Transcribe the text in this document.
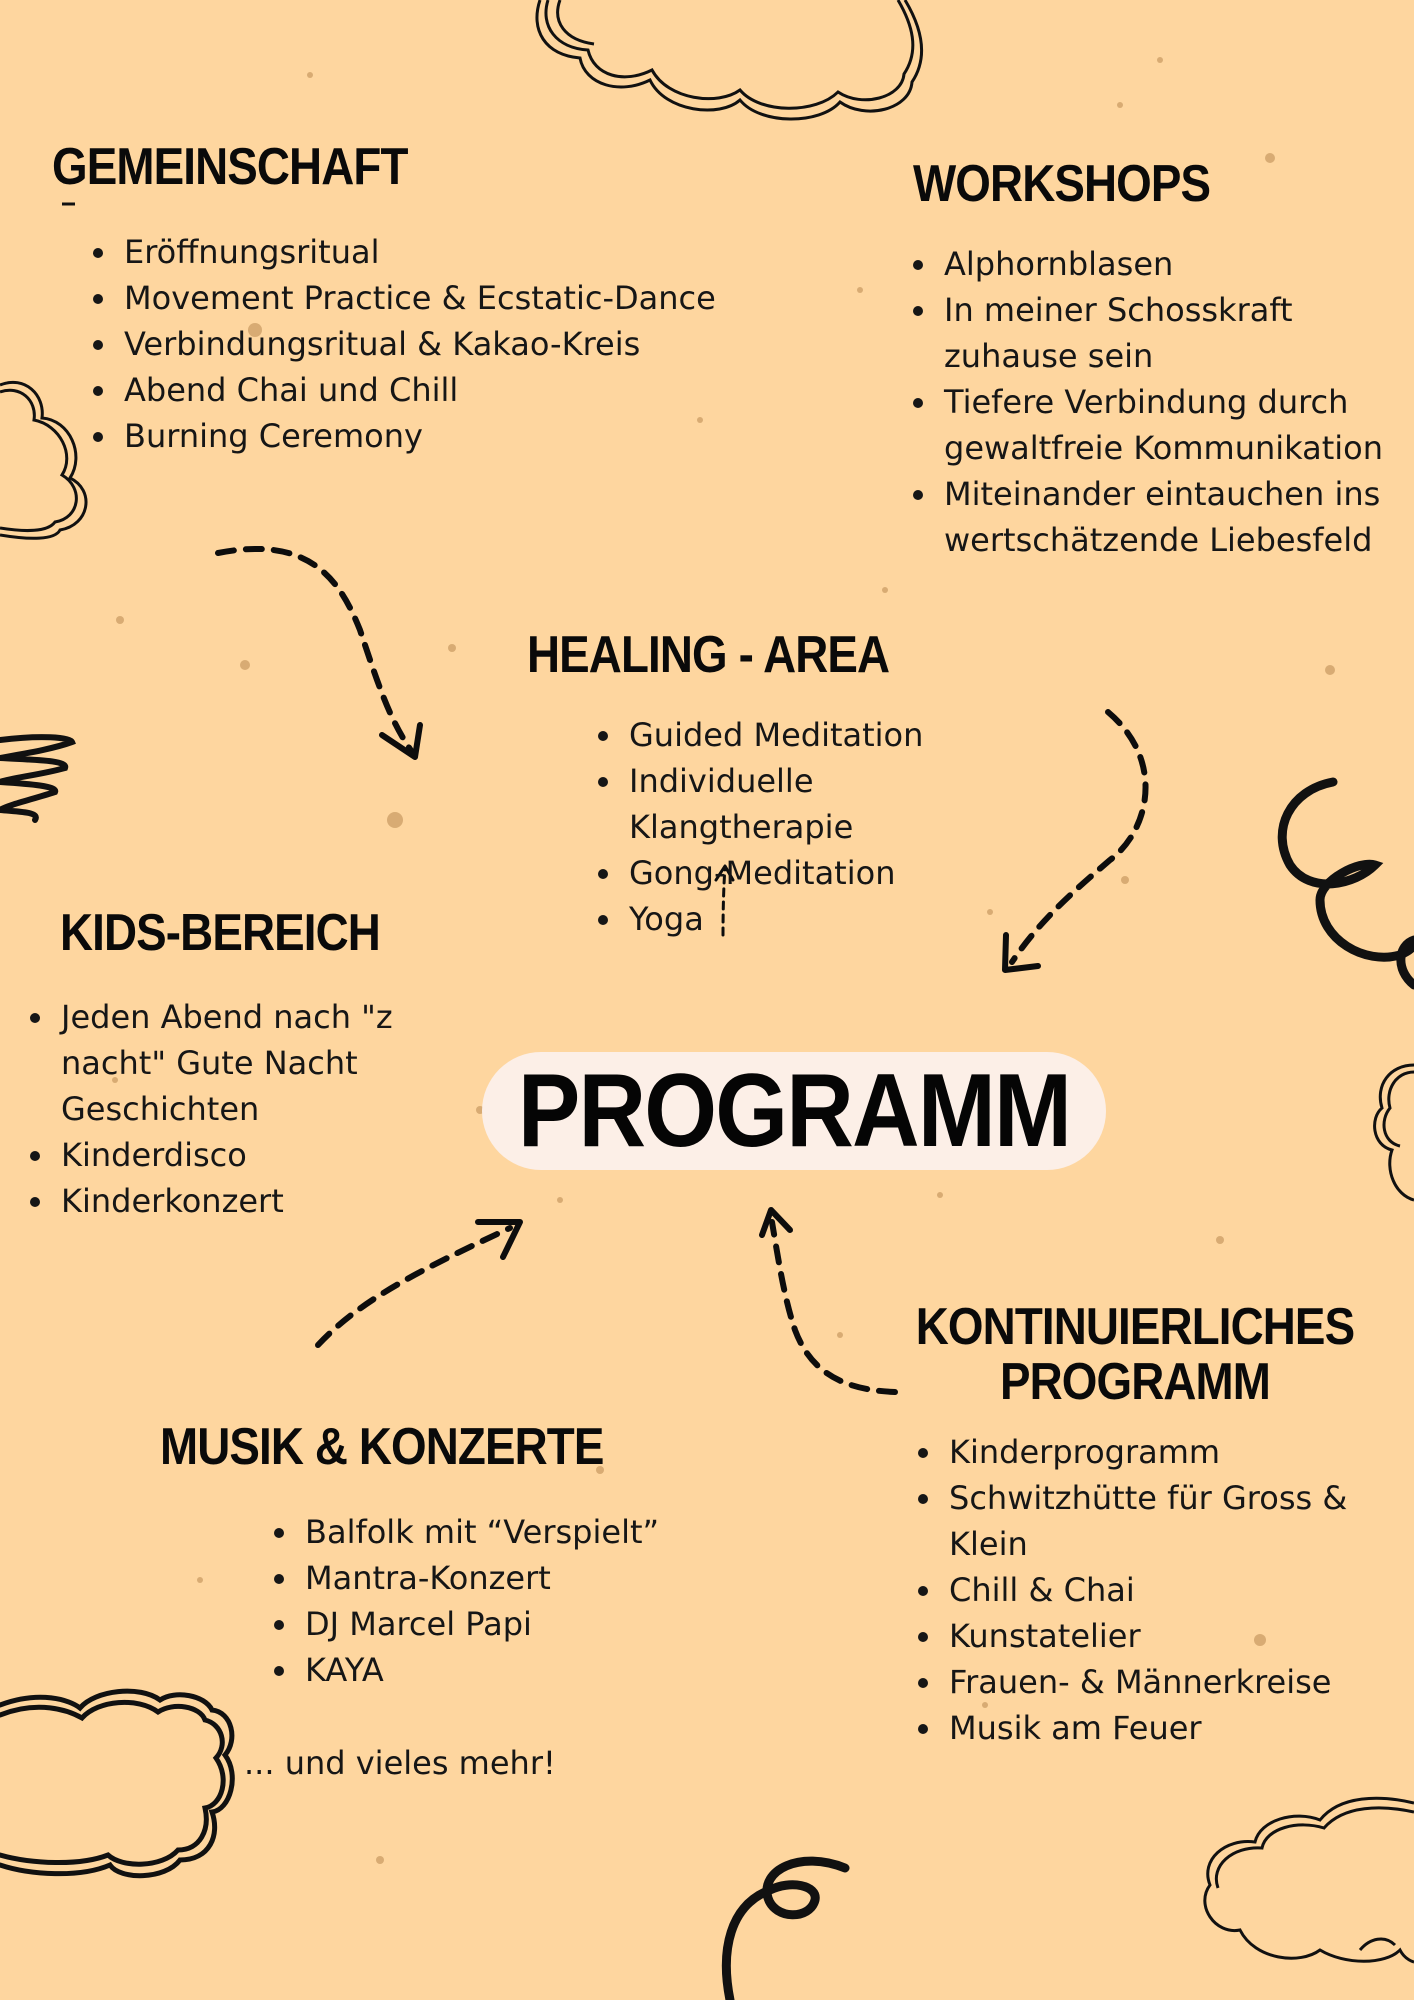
GEMEINSCHAFT
• Eröffnungsritual
• Movement Practice & Ecstatic-Dance
• Verbindungsritual & Kakao-Kreis
• Abend Chai und Chill
• Burning Ceremony
WORKSHOPS
• Alphornblasen
• In meiner Schosskraft zuhause sein
• Tiefere Verbindung durch gewaltfreie Kommunikation
• Miteinander eintauchen ins wertschätzende Liebesfeld
HEALING - AREA
• Guided Meditation
• Individuelle Klangtherapie
• Gong-Meditation
• Yoga
KIDS-BEREICH
• Jeden Abend nach "z nacht" Gute Nacht Geschichten
• Kinderdisco
• Kinderkonzert
PROGRAMM
MUSIK & KONZERTE
• Balfolk mit “Verspielt”
• Mantra-Konzert
• DJ Marcel Papi
• KAYA
... und vieles mehr!
KONTINUIERLICHES
PROGRAMM
• Kinderprogramm
• Schwitzhütte für Gross & Klein
• Chill & Chai
• Kunstatelier
• Frauen- & Männerkreise
• Musik am Feuer
